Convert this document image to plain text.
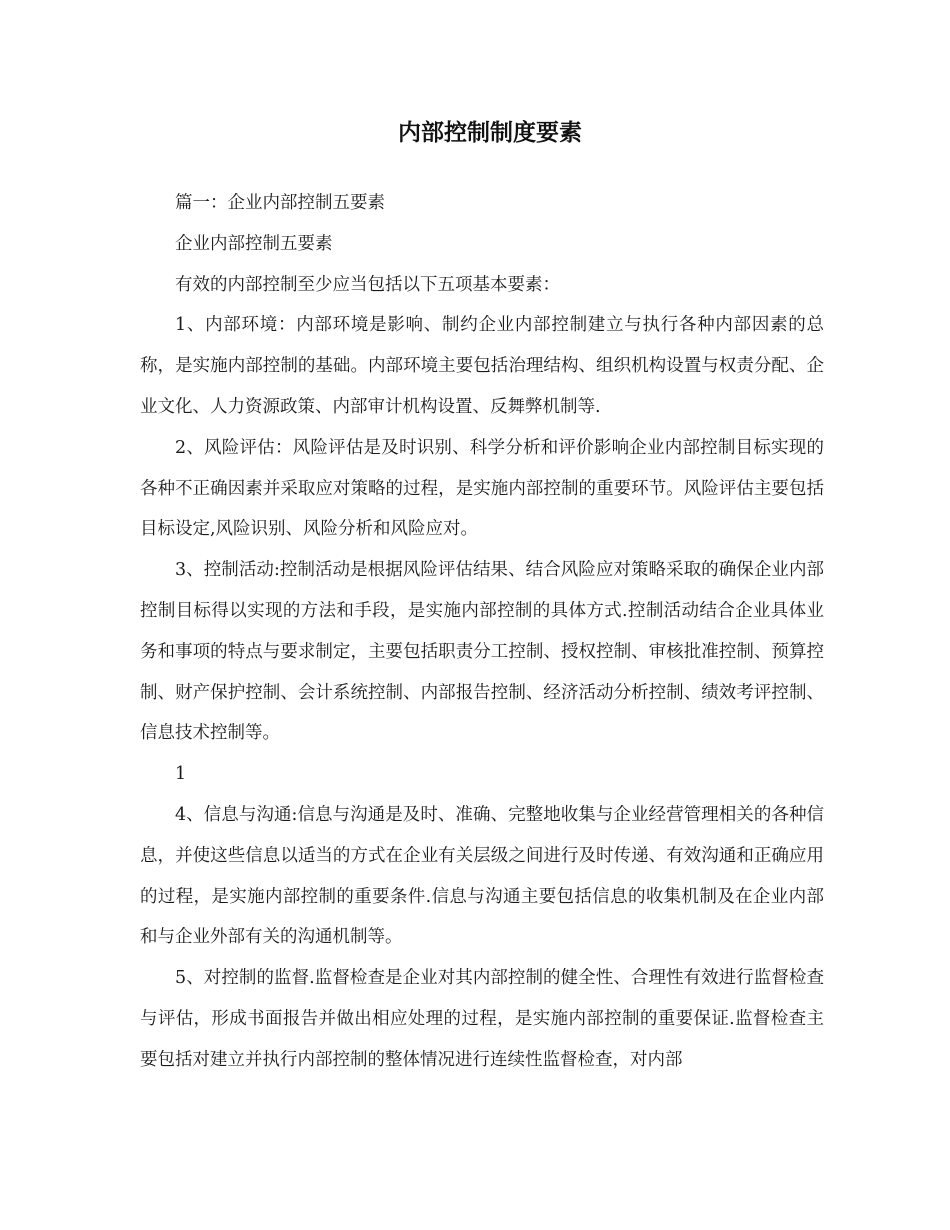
内部控制制度要素

篇一：企业内部控制五要素

企业内部控制五要素

有效的内部控制至少应当包括以下五项基本要素：

1、内部环境：内部环境是影响、制约企业内部控制建立与执行各种内部因素的总称，是实施内部控制的基础。内部环境主要包括治理结构、组织机构设置与权责分配、企业文化、人力资源政策、内部审计机构设置、反舞弊机制等.

2、风险评估：风险评估是及时识别、科学分析和评价影响企业内部控制目标实现的各种不正确因素并采取应对策略的过程，是实施内部控制的重要环节。风险评估主要包括目标设定,风险识别、风险分析和风险应对。

3、控制活动:控制活动是根据风险评估结果、结合风险应对策略采取的确保企业内部控制目标得以实现的方法和手段，是实施内部控制的具体方式.控制活动结合企业具体业务和事项的特点与要求制定，主要包括职责分工控制、授权控制、审核批准控制、预算控制、财产保护控制、会计系统控制、内部报告控制、经济活动分析控制、绩效考评控制、信息技术控制等。

1

4、信息与沟通:信息与沟通是及时、准确、完整地收集与企业经营管理相关的各种信息，并使这些信息以适当的方式在企业有关层级之间进行及时传递、有效沟通和正确应用的过程，是实施内部控制的重要条件.信息与沟通主要包括信息的收集机制及在企业内部和与企业外部有关的沟通机制等。

5、对控制的监督.监督检查是企业对其内部控制的健全性、合理性有效进行监督检查与评估，形成书面报告并做出相应处理的过程，是实施内部控制的重要保证.监督检查主要包括对建立并执行内部控制的整体情况进行连续性监督检查，对内部
